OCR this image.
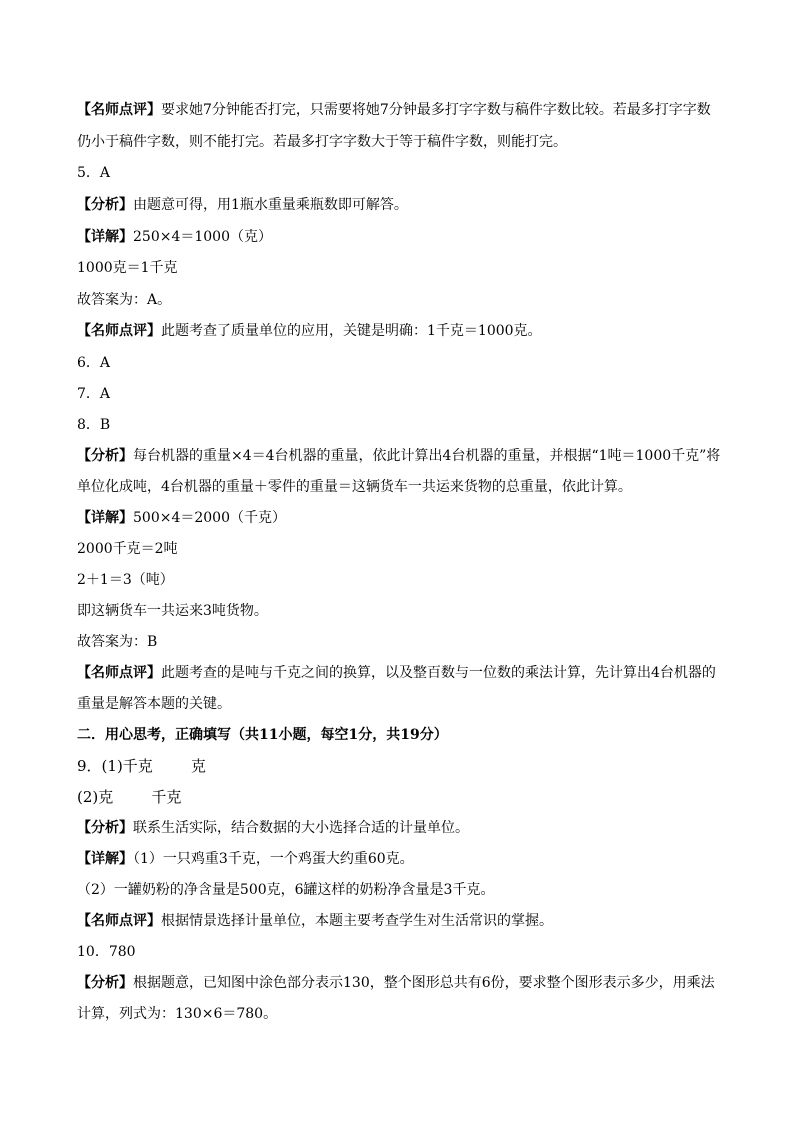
【名师点评】要求她7分钟能否打完，只需要将她7分钟最多打字字数与稿件字数比较。若最多打字字数
仍小于稿件字数，则不能打完。若最多打字字数大于等于稿件字数，则能打完。
5．A
【分析】由题意可得，用1瓶水重量乘瓶数即可解答。
【详解】250×4＝1000（克）
1000克＝1千克
故答案为：A。
【名师点评】此题考查了质量单位的应用，关键是明确：1千克＝1000克。
6．A
7．A
8．B
【分析】每台机器的重量×4＝4台机器的重量，依此计算出4台机器的重量，并根据“1吨＝1000千克”将
单位化成吨，4台机器的重量＋零件的重量＝这辆货车一共运来货物的总重量，依此计算。
【详解】500×4＝2000（千克）
2000千克＝2吨
2＋1＝3（吨）
即这辆货车一共运来3吨货物。
故答案为：B
【名师点评】此题考查的是吨与千克之间的换算，以及整百数与一位数的乘法计算，先计算出4台机器的
重量是解答本题的关键。
二．用心思考，正确填写（共11小题，每空1分，共19分）
9．(1)千克        克
(2)克        千克
【分析】联系生活实际，结合数据的大小选择合适的计量单位。
【详解】（1）一只鸡重3千克，一个鸡蛋大约重60克。
（2）一罐奶粉的净含量是500克，6罐这样的奶粉净含量是3千克。
【名师点评】根据情景选择计量单位，本题主要考查学生对生活常识的掌握。
10．780
【分析】根据题意，已知图中涂色部分表示130，整个图形总共有6份，要求整个图形表示多少，用乘法
计算，列式为：130×6＝780。
